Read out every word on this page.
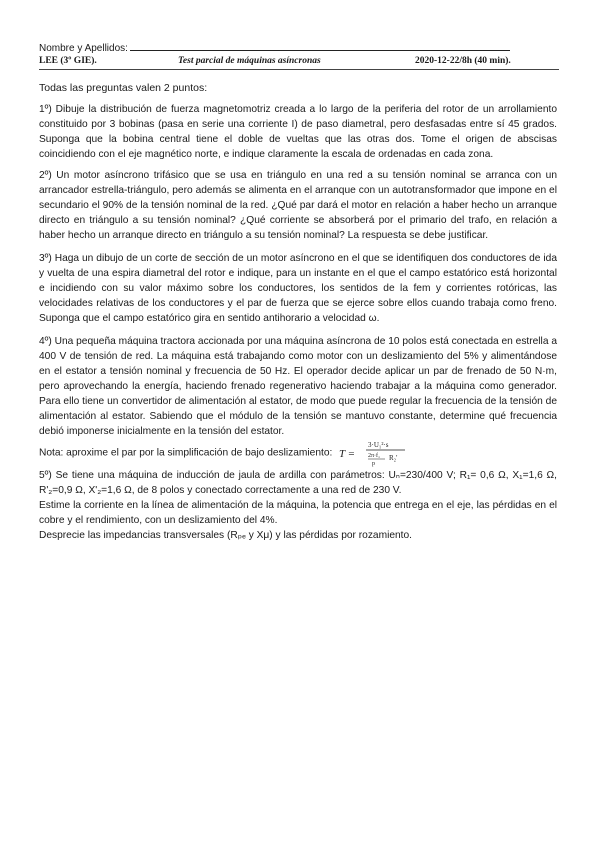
Nombre y Apellidos:
LEE (3º GIE).	Test parcial de máquinas asíncronas	2020-12-22/8h (40 min).
Todas las preguntas valen 2 puntos:
1º) Dibuje la distribución de fuerza magnetomotriz creada a lo largo de la periferia del rotor de un arrollamiento constituido por 3 bobinas (pasa en serie una corriente I) de paso diametral, pero desfasadas entre sí 45 grados. Suponga que la bobina central tiene el doble de vueltas que las otras dos. Tome el origen de abscisas coincidiendo con el eje magnético norte, e indique claramente la escala de ordenadas en cada zona.
2º) Un motor asíncrono trifásico que se usa en triángulo en una red a su tensión nominal se arranca con un arrancador estrella-triángulo, pero además se alimenta en el arranque con un autotransformador que impone en el secundario el 90% de la tensión nominal de la red. ¿Qué par dará el motor en relación a haber hecho un arranque directo en triángulo a su tensión nominal? ¿Qué corriente se absorberá por el primario del trafo, en relación a haber hecho un arranque directo en triángulo a su tensión nominal? La respuesta se debe justificar.
3º) Haga un dibujo de un corte de sección de un motor asíncrono en el que se identifiquen dos conductores de ida y vuelta de una espira diametral del rotor e indique, para un instante en el que el campo estatórico está horizontal e incidiendo con su valor máximo sobre los conductores, los sentidos de la fem y corrientes rotóricas, las velocidades relativas de los conductores y el par de fuerza que se ejerce sobre ellos cuando trabaja como freno. Suponga que el campo estatórico gira en sentido antihorario a velocidad ω.
4º) Una pequeña máquina tractora accionada por una máquina asíncrona de 10 polos está conectada en estrella a 400 V de tensión de red. La máquina está trabajando como motor con un deslizamiento del 5% y alimentándose en el estator a tensión nominal y frecuencia de 50 Hz. El operador decide aplicar un par de frenado de 50 N·m, pero aprovechando la energía, haciendo frenado regenerativo haciendo trabajar a la máquina como generador. Para ello tiene un convertidor de alimentación al estator, de modo que puede regular la frecuencia de la tensión de alimentación al estator. Sabiendo que el módulo de la tensión se mantuvo constante, determine qué frecuencia debió imponerse inicialmente en la tensión del estator.
Nota: aproxime el par por la simplificación de bajo deslizamiento: T =
3·U₁²·s
2π·f₁
p
R₂'
5º) Se tiene una máquina de inducción de jaula de ardilla con parámetros: Uₙ=230/400 V; R₁= 0,6 Ω, X₁=1,6 Ω, R'₂=0,9 Ω, X'₂=1,6 Ω, de 8 polos y conectado correctamente a una red de 230 V.
Estime la corriente en la línea de alimentación de la máquina, la potencia que entrega en el eje, las pérdidas en el cobre y el rendimiento, con un deslizamiento del 4%.
Desprecie las impedancias transversales (Rₚₑ y Xμ) y las pérdidas por rozamiento.
